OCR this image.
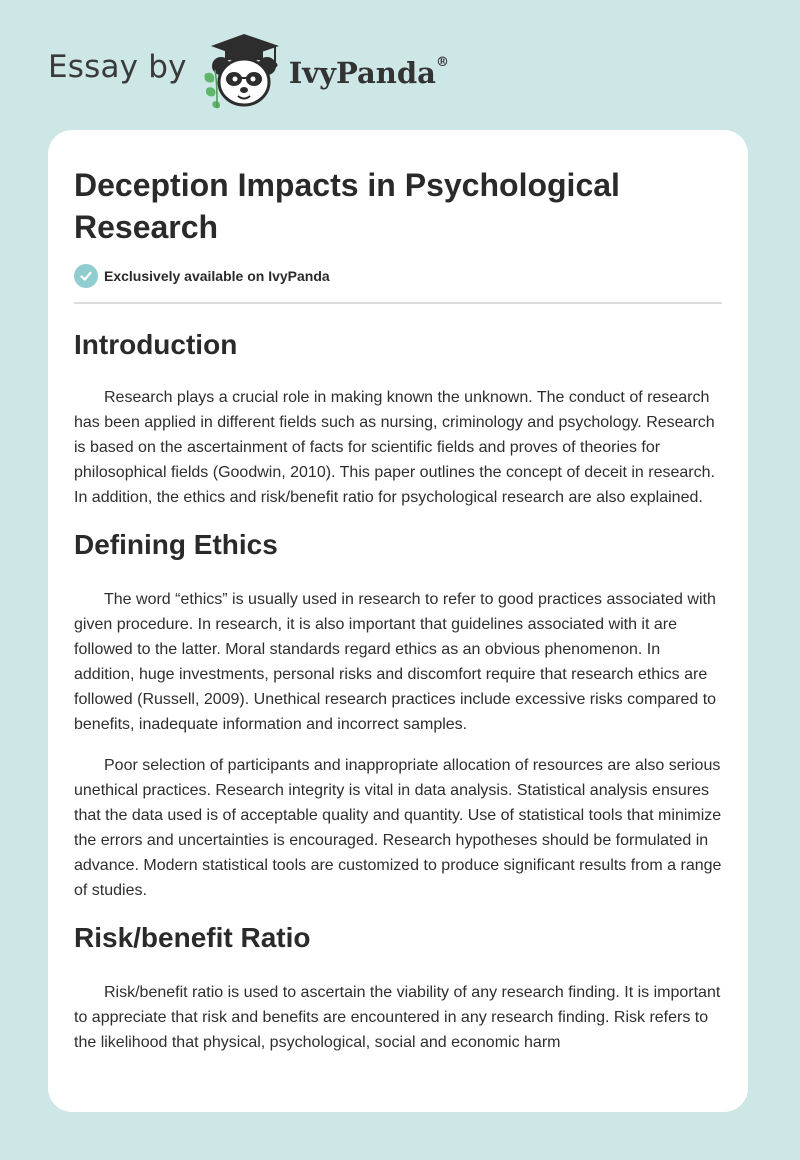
Essay by	IvyPanda®
Deception Impacts in Psychological Research
Exclusively available on IvyPanda
Introduction

Research plays a crucial role in making known the unknown. The conduct of research has been applied in different fields such as nursing, criminology and psychology. Research is based on the ascertainment of facts for scientific fields and proves of theories for philosophical fields (Goodwin, 2010). This paper outlines the concept of deceit in research. In addition, the ethics and risk/benefit ratio for psychological research are also explained.

Defining Ethics

The word “ethics” is usually used in research to refer to good practices associated with given procedure. In research, it is also important that guidelines associated with it are followed to the latter. Moral standards regard ethics as an obvious phenomenon. In addition, huge investments, personal risks and discomfort require that research ethics are followed (Russell, 2009). Unethical research practices include excessive risks compared to benefits, inadequate information and incorrect samples.

Poor selection of participants and inappropriate allocation of resources are also serious unethical practices. Research integrity is vital in data analysis. Statistical analysis ensures that the data used is of acceptable quality and quantity. Use of statistical tools that minimize the errors and uncertainties is encouraged. Research hypotheses should be formulated in advance. Modern statistical tools are customized to produce significant results from a range of studies.

Risk/benefit Ratio

Risk/benefit ratio is used to ascertain the viability of any research finding. It is important to appreciate that risk and benefits are encountered in any research finding. Risk refers to the likelihood that physical, psychological, social and economic harm
